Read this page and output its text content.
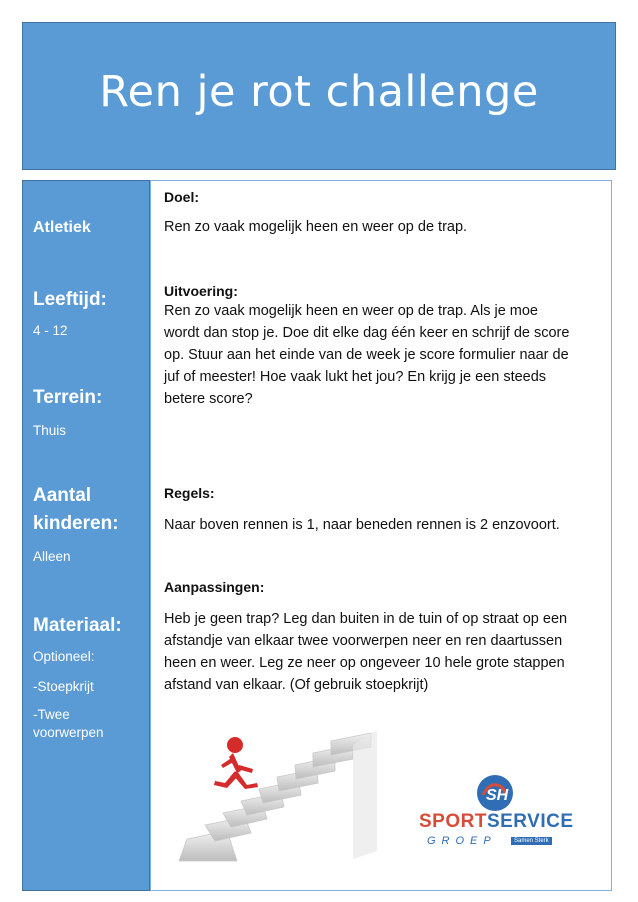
Ren je rot challenge
Atletiek
Leeftijd:
4 - 12
Terrein:
Thuis
Aantal
kinderen:
Alleen
Materiaal:
Optioneel:
-Stoepkrijt
-Twee
voorwerpen
Doel:
Ren zo vaak mogelijk heen en weer op de trap.
Uitvoering:
Ren zo vaak mogelijk heen en weer op de trap. Als je moe
wordt dan stop je. Doe dit elke dag één keer en schrijf de score
op. Stuur aan het einde van de week je score formulier naar de
juf of meester! Hoe vaak lukt het jou? En krijg je een steeds
betere score?
Regels:
Naar boven rennen is 1, naar beneden rennen is 2 enzovoort.
Aanpassingen:
Heb je geen trap? Leg dan buiten in de tuin of op straat op een
afstandje van elkaar twee voorwerpen neer en ren daartussen
heen en weer. Leg ze neer op ongeveer 10 hele grote stappen
afstand van elkaar. (Of gebruik stoepkrijt)
SH
SPORTSERVICE
GROEP	Samen Sterk
